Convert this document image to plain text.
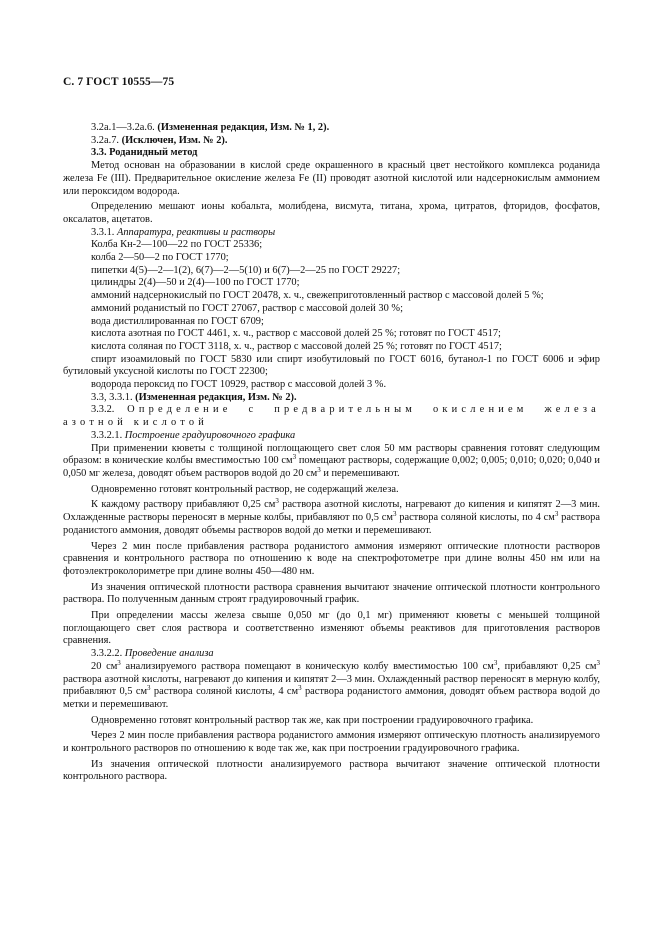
С. 7 ГОСТ 10555—75

3.2а.1—3.2а.6. (Измененная редакция, Изм. № 1, 2).

3.2а.7. (Исключен, Изм. № 2).

3.3. Роданидный метод

Метод основан на образовании в кислой среде окрашенного в красный цвет нестойкого комплекса роданида железа Fe (III). Предварительное окисление железа Fe (II) проводят азотной кислотой или надсернокислым аммонием или пероксидом водорода.

Определению мешают ионы кобальта, молибдена, висмута, титана, хрома, цитратов, фторидов, фосфатов, оксалатов, ацетатов.

3.3.1. Аппаратура, реактивы и растворы

Колба Кн-2—100—22 по ГОСТ 25336;

колба 2—50—2 по ГОСТ 1770;

пипетки 4(5)—2—1(2), 6(7)—2—5(10) и 6(7)—2—25 по ГОСТ 29227;

цилиндры 2(4)—50 и 2(4)—100 по ГОСТ 1770;

аммоний надсернокислый по ГОСТ 20478, х. ч., свежеприготовленный раствор с массовой долей 5 %;

аммоний роданистый по ГОСТ 27067, раствор с массовой долей 30 %;

вода дистиллированная по ГОСТ 6709;

кислота азотная по ГОСТ 4461, х. ч., раствор с массовой долей 25 %; готовят по ГОСТ 4517;

кислота соляная по ГОСТ 3118, х. ч., раствор с массовой долей 25 %; готовят по ГОСТ 4517;

спирт изоамиловый по ГОСТ 5830 или спирт изобутиловый по ГОСТ 6016, бутанол-1 по ГОСТ 6006 и эфир бутиловый уксусной кислоты по ГОСТ 22300;

водорода пероксид по ГОСТ 10929, раствор с массовой долей 3 %.

3.3, 3.3.1. (Измененная редакция, Изм. № 2).

3.3.2. Определение с предварительным окислением железа
азотной кислотой

3.3.2.1. Построение градуировочного графика

При применении кюветы с толщиной поглощающего свет слоя 50 мм растворы сравнения готовят следующим образом: в конические колбы вместимостью 100 $см^3$ помещают растворы, содержащие 0,002; 0,005; 0,010; 0,020; 0,040 и 0,050 мг железа, доводят объем растворов водой до 20 $см^3$ и перемешивают.

Одновременно готовят контрольный раствор, не содержащий железа.

К каждому раствору прибавляют 0,25 $см^3$ раствора азотной кислоты, нагревают до кипения и кипятят 2—3 мин. Охлажденные растворы переносят в мерные колбы, прибавляют по 0,5 $см^3$ раствора соляной кислоты, по 4 $см^3$ раствора роданистого аммония, доводят объемы растворов водой до метки и перемешивают.

Через 2 мин после прибавления раствора роданистого аммония измеряют оптические плотности растворов сравнения и контрольного раствора по отношению к воде на спектрофотометре при длине волны 450 нм или на фотоэлектроколориметре при длине волны 450—480 нм.

Из значения оптической плотности раствора сравнения вычитают значение оптической плотности контрольного раствора. По полученным данным строят градуировочный график.

При определении массы железа свыше 0,050 мг (до 0,1 мг) применяют кюветы с меньшей толщиной поглощающего свет слоя раствора и соответственно изменяют объемы реактивов для приготовления растворов сравнения.

3.3.2.2. Проведение анализа

20 $см^3$ анализируемого раствора помещают в коническую колбу вместимостью 100 $см^3$, прибавляют 0,25 $см^3$ раствора азотной кислоты, нагревают до кипения и кипятят 2—3 мин. Охлажденный раствор переносят в мерную колбу, прибавляют 0,5 $см^3$ раствора соляной кислоты, 4 $см^3$ раствора роданистого аммония, доводят объем раствора водой до метки и перемешивают.

Одновременно готовят контрольный раствор так же, как при построении градуировочного графика.

Через 2 мин после прибавления раствора роданистого аммония измеряют оптическую плотность анализируемого и контрольного растворов по отношению к воде так же, как при построении градуировочного графика.

Из значения оптической плотности анализируемого раствора вычитают значение оптической плотности контрольного раствора.
